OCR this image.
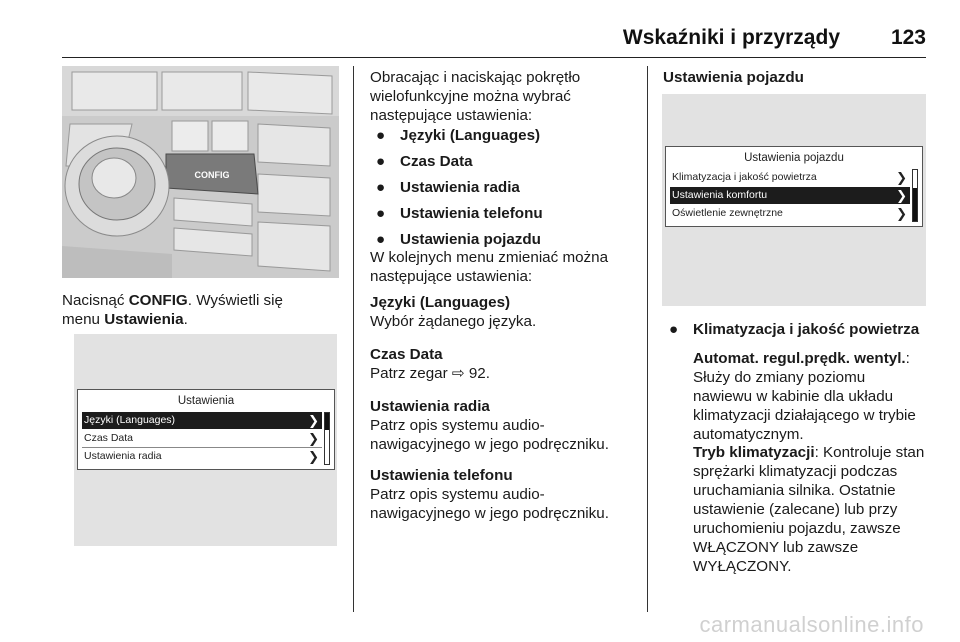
Wskaźniki i przyrządy 123
CONFIG
Nacisnąć CONFIG. Wyświetli się
menu Ustawienia.
Ustawienia
Języki (Languages)	❯
Czas Data	❯
Ustawienia radia	❯
Obracając i naciskając pokrętło
wielofunkcyjne można wybrać
następujące ustawienia:
● Języki (Languages)
● Czas Data
● Ustawienia radia
● Ustawienia telefonu
● Ustawienia pojazdu
W kolejnych menu zmieniać można
następujące ustawienia:
Języki (Languages)
Wybór żądanego języka.
Czas Data
Patrz zegar ⇨ 92.
Ustawienia radia
Patrz opis systemu audio-
nawigacyjnego w jego podręczniku.
Ustawienia telefonu
Patrz opis systemu audio-
nawigacyjnego w jego podręczniku.
Ustawienia pojazdu
Ustawienia pojazdu
Klimatyzacja i jakość powietrza	❯
Ustawienia komfortu	❯
Oświetlenie zewnętrzne	❯
● Klimatyzacja i jakość powietrza
Automat. regul.prędk. wentyl.:
Służy do zmiany poziomu
nawiewu w kabinie dla układu
klimatyzacji działającego w trybie
automatycznym.
Tryb klimatyzacji: Kontroluje stan
sprężarki klimatyzacji podczas
uruchamiania silnika. Ostatnie
ustawienie (zalecane) lub przy
uruchomieniu pojazdu, zawsze
WŁĄCZONY lub zawsze
WYŁĄCZONY.
carmanualsonline.info
